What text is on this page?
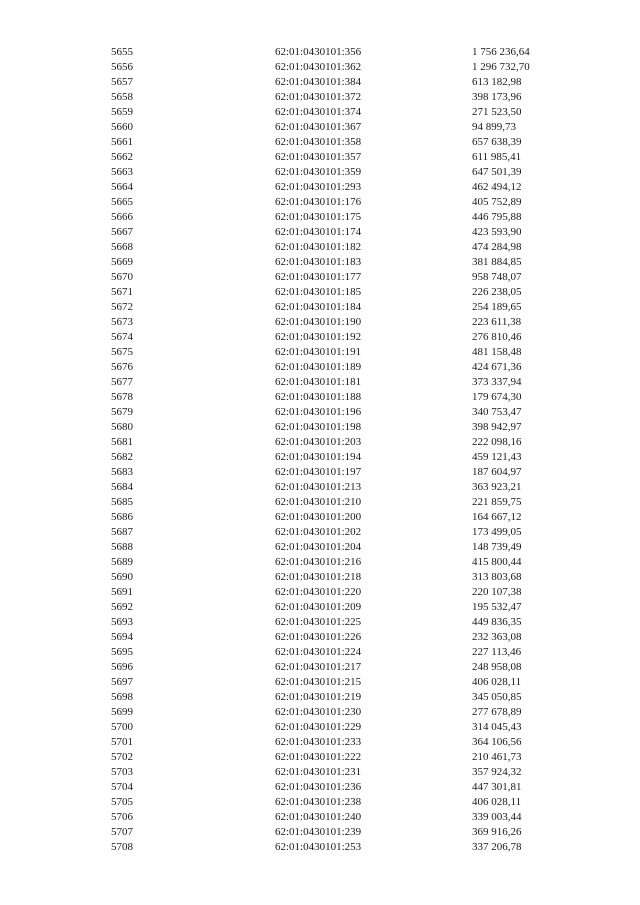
5655	62:01:0430101:356	1 756 236,64
5656	62:01:0430101:362	1 296 732,70
5657	62:01:0430101:384	613 182,98
5658	62:01:0430101:372	398 173,96
5659	62:01:0430101:374	271 523,50
5660	62:01:0430101:367	94 899,73
5661	62:01:0430101:358	657 638,39
5662	62:01:0430101:357	611 985,41
5663	62:01:0430101:359	647 501,39
5664	62:01:0430101:293	462 494,12
5665	62:01:0430101:176	405 752,89
5666	62:01:0430101:175	446 795,88
5667	62:01:0430101:174	423 593,90
5668	62:01:0430101:182	474 284,98
5669	62:01:0430101:183	381 884,85
5670	62:01:0430101:177	958 748,07
5671	62:01:0430101:185	226 238,05
5672	62:01:0430101:184	254 189,65
5673	62:01:0430101:190	223 611,38
5674	62:01:0430101:192	276 810,46
5675	62:01:0430101:191	481 158,48
5676	62:01:0430101:189	424 671,36
5677	62:01:0430101:181	373 337,94
5678	62:01:0430101:188	179 674,30
5679	62:01:0430101:196	340 753,47
5680	62:01:0430101:198	398 942,97
5681	62:01:0430101:203	222 098,16
5682	62:01:0430101:194	459 121,43
5683	62:01:0430101:197	187 604,97
5684	62:01:0430101:213	363 923,21
5685	62:01:0430101:210	221 859,75
5686	62:01:0430101:200	164 667,12
5687	62:01:0430101:202	173 499,05
5688	62:01:0430101:204	148 739,49
5689	62:01:0430101:216	415 800,44
5690	62:01:0430101:218	313 803,68
5691	62:01:0430101:220	220 107,38
5692	62:01:0430101:209	195 532,47
5693	62:01:0430101:225	449 836,35
5694	62:01:0430101:226	232 363,08
5695	62:01:0430101:224	227 113,46
5696	62:01:0430101:217	248 958,08
5697	62:01:0430101:215	406 028,11
5698	62:01:0430101:219	345 050,85
5699	62:01:0430101:230	277 678,89
5700	62:01:0430101:229	314 045,43
5701	62:01:0430101:233	364 106,56
5702	62:01:0430101:222	210 461,73
5703	62:01:0430101:231	357 924,32
5704	62:01:0430101:236	447 301,81
5705	62:01:0430101:238	406 028,11
5706	62:01:0430101:240	339 003,44
5707	62:01:0430101:239	369 916,26
5708	62:01:0430101:253	337 206,78
